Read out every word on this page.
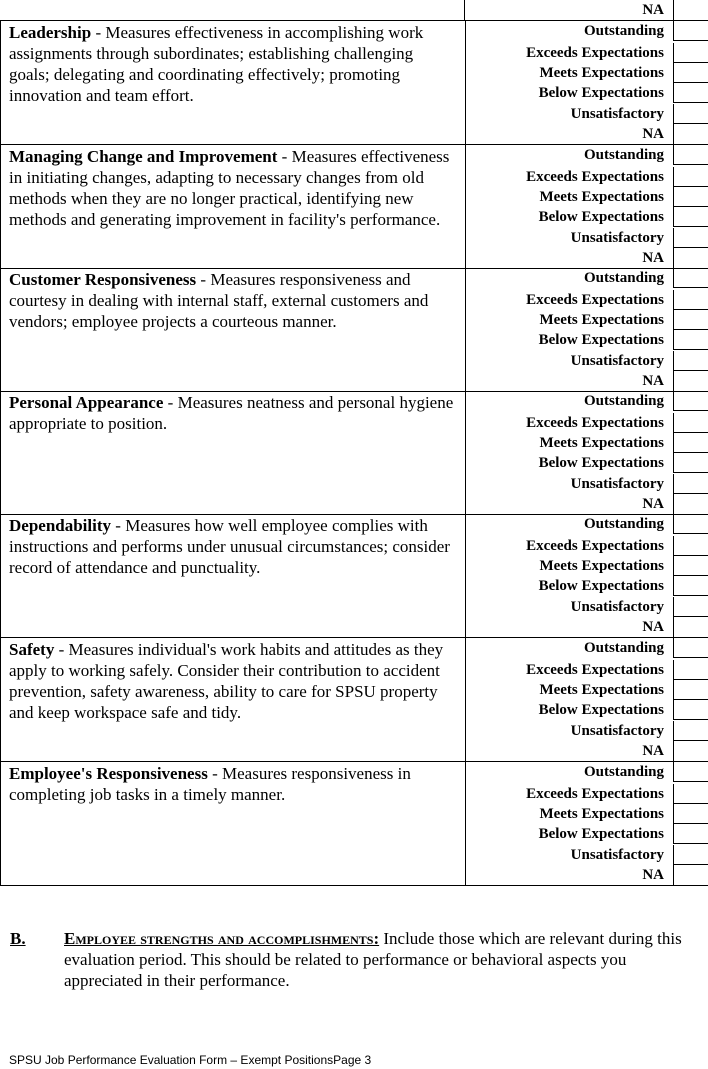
NA
Leadership - Measures effectiveness in accomplishing work assignments through subordinates; establishing challenging goals; delegating and coordinating effectively; promoting innovation and team effort.
Outstanding
Exceeds Expectations
Meets Expectations
Below Expectations
Unsatisfactory
NA
Managing Change and Improvement - Measures effectiveness in initiating changes, adapting to necessary changes from old methods when they are no longer practical, identifying new methods and generating improvement in facility's performance.
Outstanding
Exceeds Expectations
Meets Expectations
Below Expectations
Unsatisfactory
NA
Customer Responsiveness - Measures responsiveness and courtesy in dealing with internal staff, external customers and vendors; employee projects a courteous manner.
Outstanding
Exceeds Expectations
Meets Expectations
Below Expectations
Unsatisfactory
NA
Personal Appearance - Measures neatness and personal hygiene appropriate to position.
Outstanding
Exceeds Expectations
Meets Expectations
Below Expectations
Unsatisfactory
NA
Dependability - Measures how well employee complies with instructions and performs under unusual circumstances; consider record of attendance and punctuality.
Outstanding
Exceeds Expectations
Meets Expectations
Below Expectations
Unsatisfactory
NA
Safety - Measures individual's work habits and attitudes as they apply to working safely. Consider their contribution to accident prevention, safety awareness, ability to care for SPSU property and keep workspace safe and tidy.
Outstanding
Exceeds Expectations
Meets Expectations
Below Expectations
Unsatisfactory
NA
Employee's Responsiveness - Measures responsiveness in completing job tasks in a timely manner.
Outstanding
Exceeds Expectations
Meets Expectations
Below Expectations
Unsatisfactory
NA
B. Employee strengths and accomplishments: Include those which are relevant during this evaluation period. This should be related to performance or behavioral aspects you appreciated in their performance.
SPSU Job Performance Evaluation Form – Exempt PositionsPage 3
